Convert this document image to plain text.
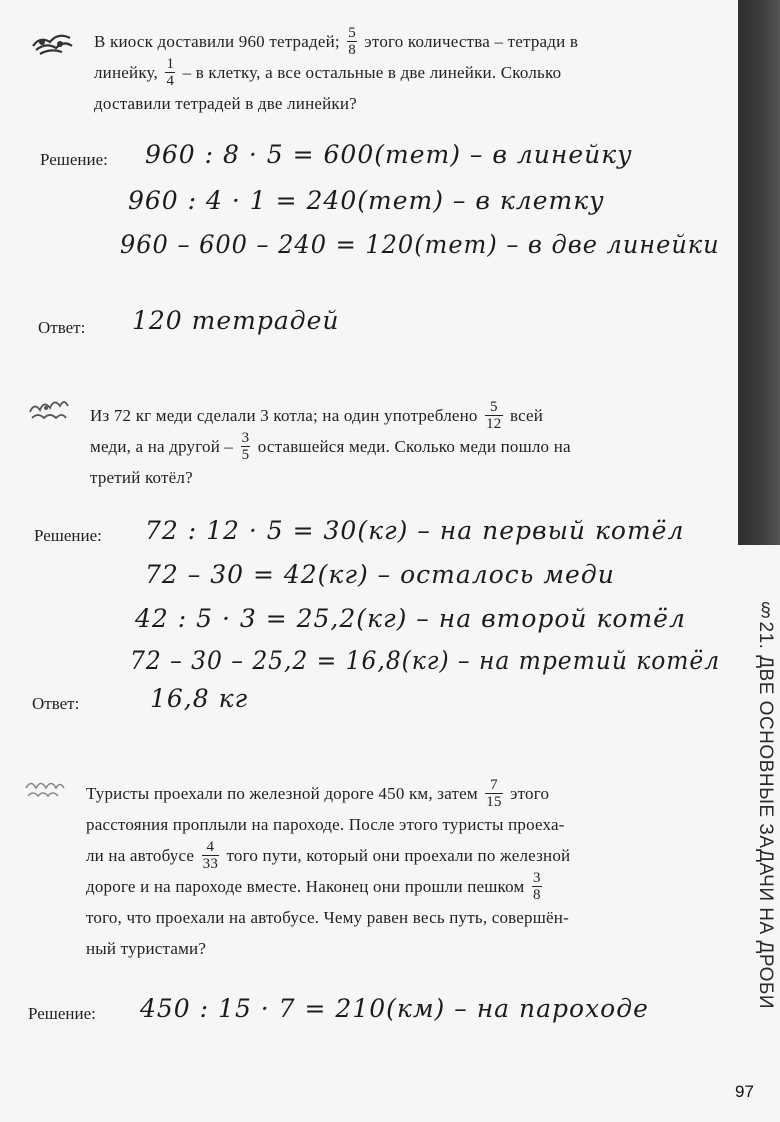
§21. ДВЕ ОСНОВНЫЕ ЗАДАЧИ НА ДРОБИ
В киоск доставили 960 тетрадей; $\frac{5}{8}$ этого количества – тетради в
линейку, $\frac{1}{4}$ – в клетку, а все остальные в две линейки. Сколько
доставили тетрадей в две линейки?
Решение: 960 : 8 · 5 = 600(тет) – в линейку
960 : 4 · 1 = 240(тет) – в клетку
960 – 600 – 240 = 120(тет) – в две линейки
Ответ: 120 тетрадей
Из 72 кг меди сделали 3 котла; на один употреблено $\frac{5}{12}$ всей
меди, а на другой – $\frac{3}{5}$ оставшейся меди. Сколько меди пошло на
третий котёл?
Решение: 72 : 12 · 5 = 30(кг) – на первый котёл
72 – 30 = 42(кг) – осталось меди
42 : 5 · 3 = 25,2(кг) – на второй котёл
72 – 30 – 25,2 = 16,8(кг) – на третий котёл
Ответ:	16,8 кг
Туристы проехали по железной дороге 450 км, затем $\frac{7}{15}$ этого
расстояния проплыли на пароходе. После этого туристы проеха-
ли на автобусе $\frac{4}{33}$ того пути, который они проехали по железной
дороге и на пароходе вместе. Наконец они прошли пешком $\frac{3}{8}$
того, что проехали на автобусе. Чему равен весь путь, совершён-
ный туристами?
Решение: 450 : 15 · 7 = 210(км) – на пароходе
97
